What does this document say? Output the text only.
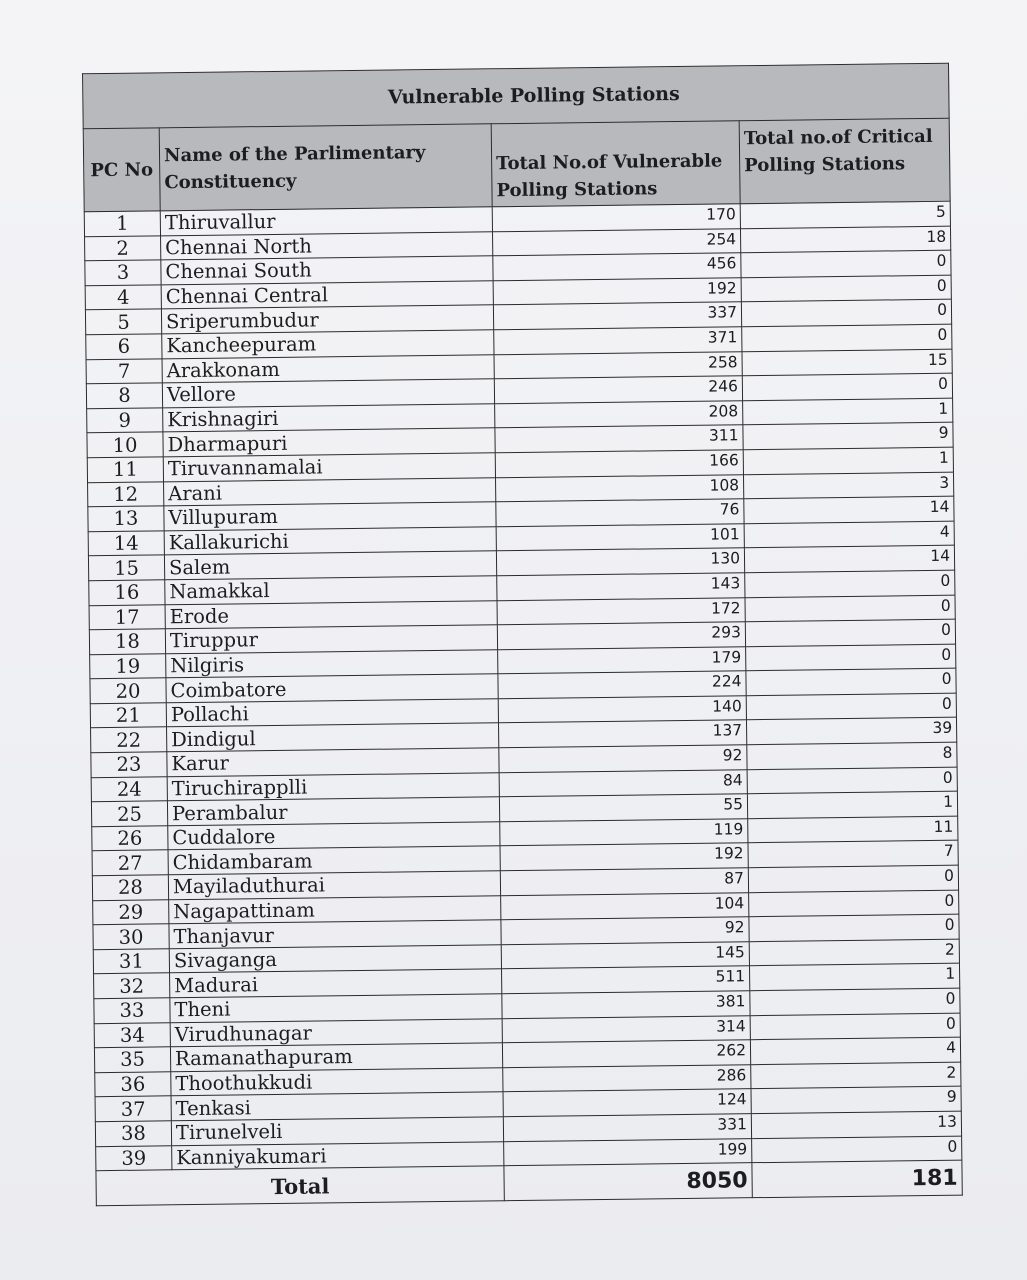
Vulnerable Polling Stations			
PC No	Name of the Parlimentary Constituency	Total No.of Vulnerable Polling Stations	Total no.of Critical Polling Stations
1	Thiruvallur	170	5
2	Chennai North	254	18
3	Chennai South	456	0
4	Chennai Central	192	0
5	Sriperumbudur	337	0
6	Kancheepuram	371	0
7	Arakkonam	258	15
8	Vellore	246	0
9	Krishnagiri	208	1
10	Dharmapuri	311	9
11	Tiruvannamalai	166	1
12	Arani	108	3
13	Villupuram	76	14
14	Kallakurichi	101	4
15	Salem	130	14
16	Namakkal	143	0
17	Erode	172	0
18	Tiruppur	293	0
19	Nilgiris	179	0
20	Coimbatore	224	0
21	Pollachi	140	0
22	Dindigul	137	39
23	Karur	92	8
24	Tiruchirapplli	84	0
25	Perambalur	55	1
26	Cuddalore	119	11
27	Chidambaram	192	7
28	Mayiladuthurai	87	0
29	Nagapattinam	104	0
30	Thanjavur	92	0
31	Sivaganga	145	2
32	Madurai	511	1
33	Theni	381	0
34	Virudhunagar	314	0
35	Ramanathapuram	262	4
36	Thoothukkudi	286	2
37	Tenkasi	124	9
38	Tirunelveli	331	13
39	Kanniyakumari	199	0
Total		8050	181
